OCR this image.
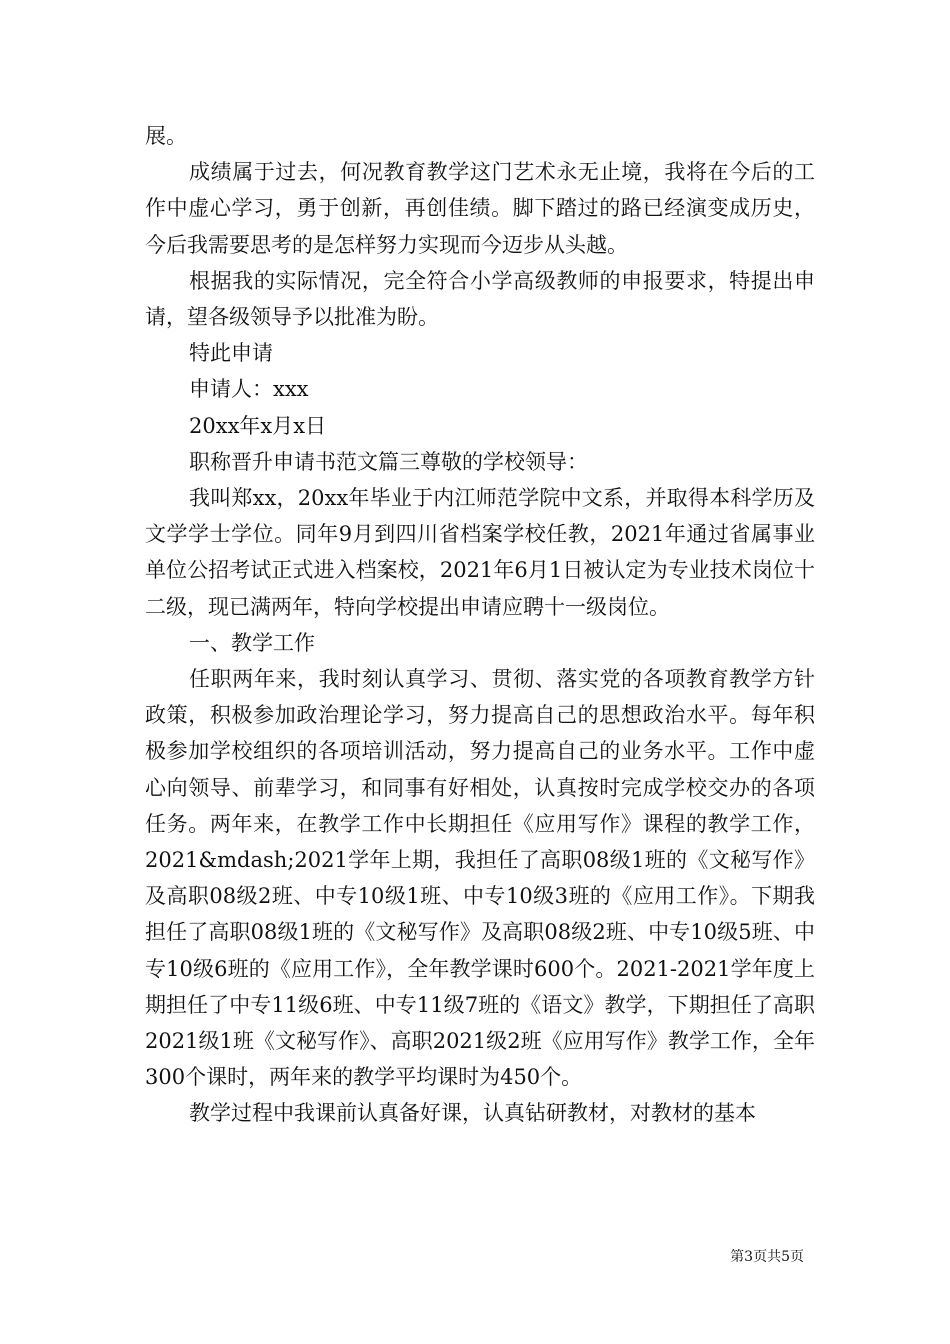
展。

成绩属于过去，何况教育教学这门艺术永无止境，我将在今后的工作中虚心学习，勇于创新，再创佳绩。脚下踏过的路已经演变成历史，今后我需要思考的是怎样努力实现而今迈步从头越。

根据我的实际情况，完全符合小学高级教师的申报要求，特提出申请，望各级领导予以批准为盼。

特此申请

申请人：xxx

20xx年x月x日

职称晋升申请书范文篇三尊敬的学校领导：

我叫郑xx，20xx年毕业于内江师范学院中文系，并取得本科学历及文学学士学位。同年9月到四川省档案学校任教，2021年通过省属事业单位公招考试正式进入档案校，2021年6月1日被认定为专业技术岗位十二级，现已满两年，特向学校提出申请应聘十一级岗位。

一、教学工作

任职两年来，我时刻认真学习、贯彻、落实党的各项教育教学方针政策，积极参加政治理论学习，努力提高自己的思想政治水平。每年积极参加学校组织的各项培训活动，努力提高自己的业务水平。工作中虚心向领导、前辈学习，和同事有好相处，认真按时完成学校交办的各项任务。两年来，在教学工作中长期担任《应用写作》课程的教学工作，2021&mdash;2021学年上期，我担任了高职08级1班的《文秘写作》及高职08级2班、中专10级1班、中专10级3班的《应用工作》。下期我担任了高职08级1班的《文秘写作》及高职08级2班、中专10级5班、中专10级6班的《应用工作》，全年教学课时600个。2021-2021学年度上期担任了中专11级6班、中专11级7班的《语文》教学，下期担任了高职2021级1班《文秘写作》、高职2021级2班《应用写作》教学工作，全年300个课时，两年来的教学平均课时为450个。

教学过程中我课前认真备好课，认真钻研教材，对教材的基本

第3页共5页
